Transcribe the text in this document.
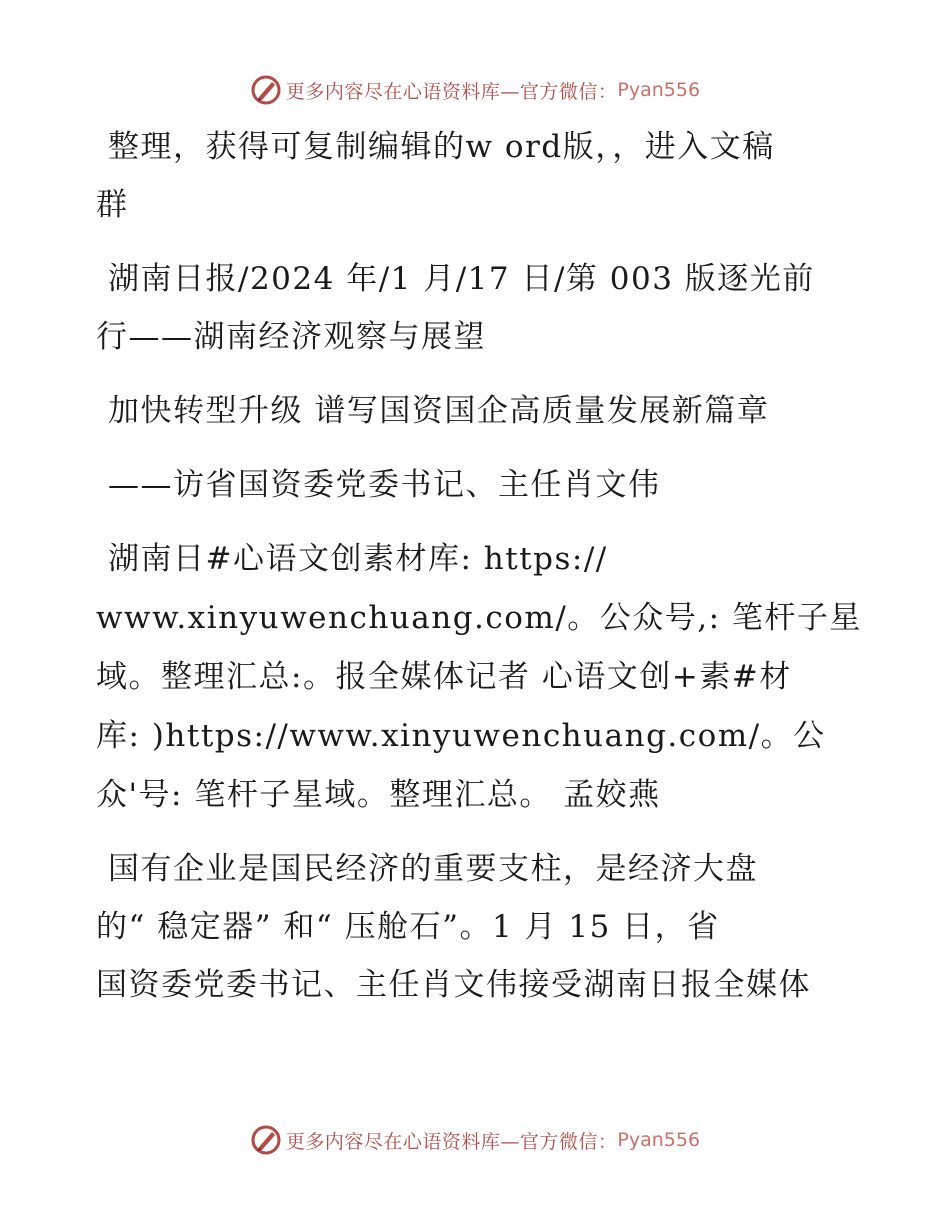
更多内容尽在心语资料库—官方微信： Pyan556
整理，获得可复制编辑的w ord版，，进入文稿
群
湖南日报/2024 年/1 月/17 日/第 003 版逐光前
行——湖南经济观察与展望
加快转型升级 谱写国资国企高质量发展新篇章
——访省国资委党委书记、主任肖文伟
湖南日#心语文创素材库: https://
www.xinyuwenchuang.com/。公众号,: 笔杆子星
域。整理汇总:。报全媒体记者 心语文创+素#材
库: )https://www.xinyuwenchuang.com/。公
众'号: 笔杆子星域。整理汇总。 孟姣燕
国有企业是国民经济的重要支柱，是经济大盘
的“ 稳定器” 和“ 压舱石”。1 月 15 日，省
国资委党委书记、主任肖文伟接受湖南日报全媒体
更多内容尽在心语资料库—官方微信： Pyan556
